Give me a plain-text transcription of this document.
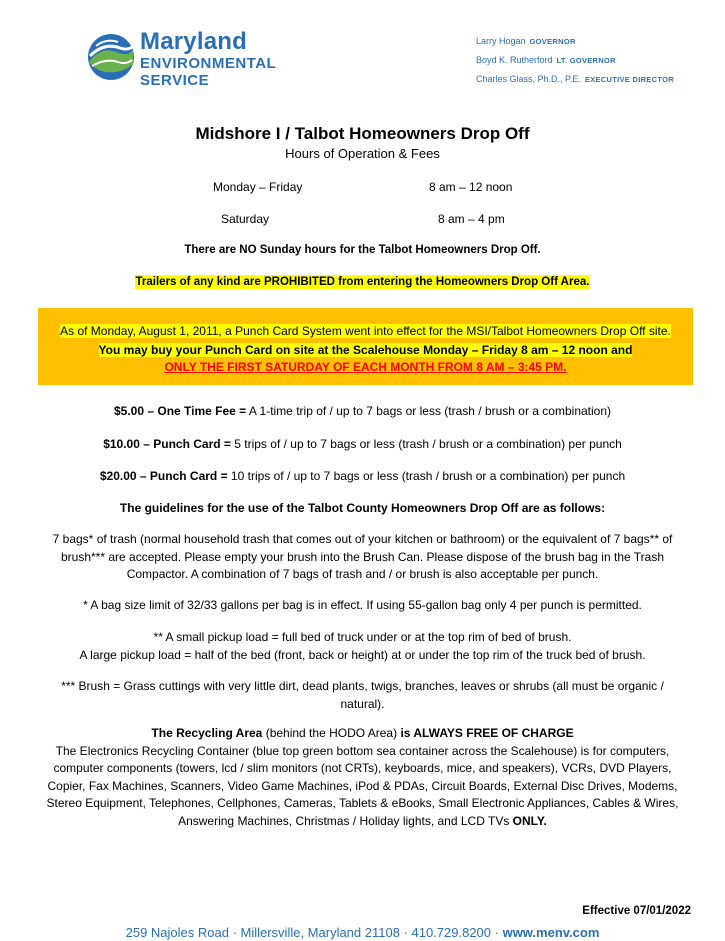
Maryland
ENVIRONMENTAL
SERVICE
Larry Hogan GOVERNOR
Boyd K. Rutherford LT. GOVERNOR
Charles Glass, Ph.D., P.E. EXECUTIVE DIRECTOR
Midshore I / Talbot Homeowners Drop Off
Hours of Operation & Fees
Monday – Friday	8 am – 12 noon
Saturday	8 am – 4 pm
There are NO Sunday hours for the Talbot Homeowners Drop Off.
Trailers of any kind are PROHIBITED from entering the Homeowners Drop Off Area.
As of Monday, August 1, 2011, a Punch Card System went into effect for the MSI/Talbot Homeowners Drop Off site.
You may buy your Punch Card on site at the Scalehouse Monday – Friday 8 am – 12 noon and
ONLY THE FIRST SATURDAY OF EACH MONTH FROM 8 AM – 3:45 PM.
$5.00 – One Time Fee = A 1-time trip of / up to 7 bags or less (trash / brush or a combination)
$10.00 – Punch Card = 5 trips of / up to 7 bags or less (trash / brush or a combination) per punch
$20.00 – Punch Card = 10 trips of / up to 7 bags or less (trash / brush or a combination) per punch
The guidelines for the use of the Talbot County Homeowners Drop Off are as follows:
7 bags* of trash (normal household trash that comes out of your kitchen or bathroom) or the equivalent of 7 bags** of
brush*** are accepted. Please empty your brush into the Brush Can. Please dispose of the brush bag in the Trash
Compactor. A combination of 7 bags of trash and / or brush is also acceptable per punch.
* A bag size limit of 32/33 gallons per bag is in effect. If using 55-gallon bag only 4 per punch is permitted.
** A small pickup load = full bed of truck under or at the top rim of bed of brush.
A large pickup load = half of the bed (front, back or height) at or under the top rim of the truck bed of brush.
*** Brush = Grass cuttings with very little dirt, dead plants, twigs, branches, leaves or shrubs (all must be organic /
natural).
The Recycling Area (behind the HODO Area) is ALWAYS FREE OF CHARGE
The Electronics Recycling Container (blue top green bottom sea container across the Scalehouse) is for computers,
computer components (towers, lcd / slim monitors (not CRTs), keyboards, mice, and speakers), VCRs, DVD Players,
Copier, Fax Machines, Scanners, Video Game Machines, iPod & PDAs, Circuit Boards, External Disc Drives, Modems,
Stereo Equipment, Telephones, Cellphones, Cameras, Tablets & eBooks, Small Electronic Appliances, Cables & Wires,
Answering Machines, Christmas / Holiday lights, and LCD TVs ONLY.
Effective 07/01/2022
259 Najoles Road · Millersville, Maryland 21108 · 410.729.8200 · www.menv.com
